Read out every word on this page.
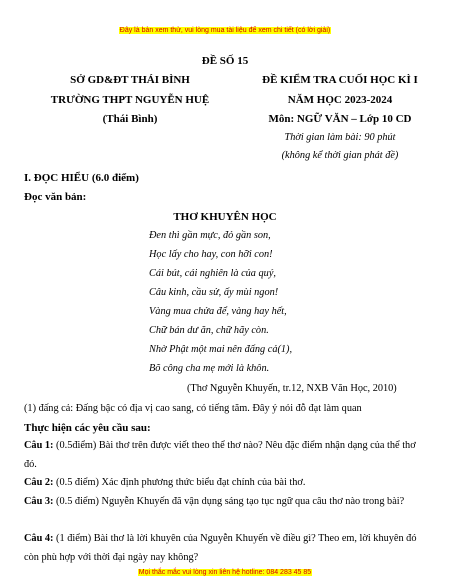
Đây là bản xem thử, vui lòng mua tài liệu để xem chi tiết (có lời giải)
ĐỀ SỐ 15
SỞ GD&ĐT THÁI BÌNH
TRƯỜNG THPT NGUYỄN HUỆ
(Thái Bình)
ĐỀ KIỂM TRA CUỐI HỌC KÌ I
NĂM HỌC 2023-2024
Môn: NGỮ VĂN – Lớp 10 CD
Thời gian làm bài: 90 phút
(không kể thời gian phát đề)
I. ĐỌC HIỂU (6.0 điểm)
Đọc văn bản:
THƠ KHUYÊN HỌC
Đen thì gần mực, đỏ gần son,
Học lấy cho hay, con hỡi con!
Cái bút, cái nghiên là của quý,
Câu kinh, cầu sử, ấy mùi ngon!
Vàng mua chửa để, vàng hay hết,
Chữ bán dư ăn, chữ hãy còn.
Nhờ Phật một mai nên đấng cả(1),
Bõ công cha mẹ mới là khôn.
(Thơ Nguyễn Khuyến, tr.12, NXB Văn Học, 2010)
(1) đấng cả: Đấng bậc có địa vị cao sang, có tiếng tăm. Đây ý nói đỗ đạt làm quan
Thực hiện các yêu cầu sau:
Câu 1: (0.5điểm) Bài thơ trên được viết theo thể thơ nào? Nêu đặc điểm nhận dạng của thể thơ đó.
Câu 2: (0.5 điểm) Xác định phương thức biểu đạt chính của bài thơ.
Câu 3: (0.5 điểm) Nguyễn Khuyến đã vận dụng sáng tạo tục ngữ qua câu thơ nào trong bài?
Câu 4: (1 điểm) Bài thơ là lời khuyên của Nguyễn Khuyến về điều gì? Theo em, lời khuyên đó còn phù hợp với thời đại ngày nay không?
Mọi thắc mắc vui lòng xin liên hệ hotline: 084 283 45 85
